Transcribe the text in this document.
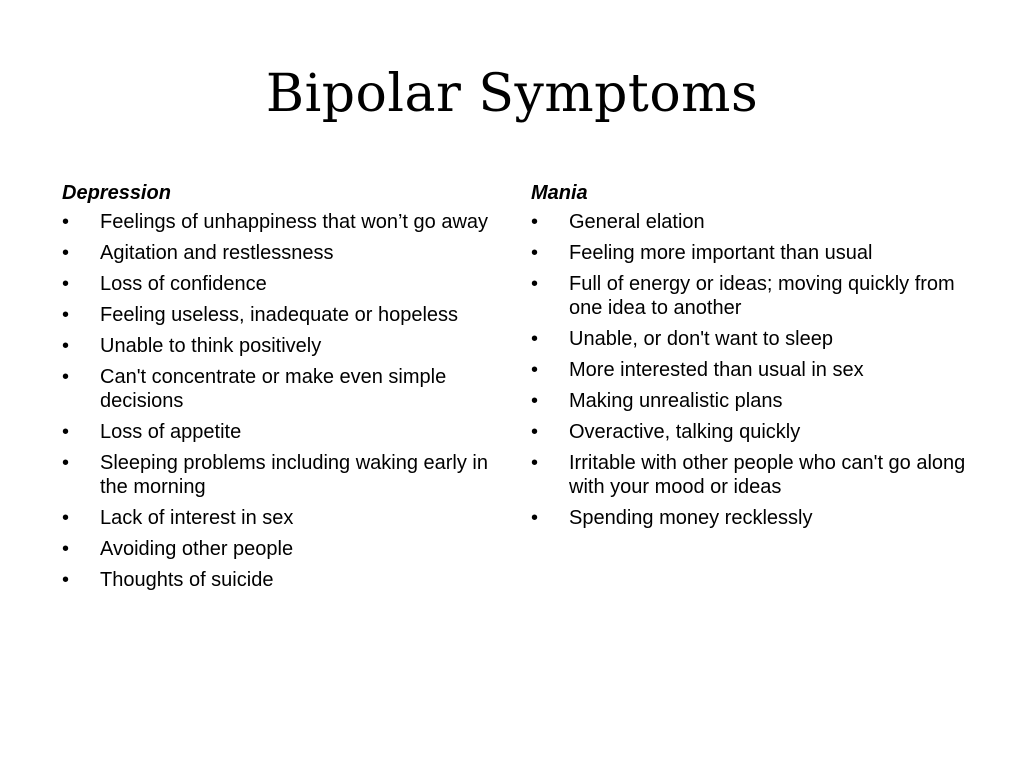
Bipolar Symptoms
Depression
•	Feelings of unhappiness that won’t go away
•	Agitation and restlessness
•	Loss of confidence
•	Feeling useless, inadequate or hopeless
•	Unable to think positively
•	Can't concentrate or make even simple decisions
•	Loss of appetite
•	Sleeping problems including waking early in the morning
•	Lack of interest in sex
•	Avoiding other people
•	Thoughts of suicide
Mania
•	General elation
•	Feeling more important than usual
•	Full of energy or ideas; moving quickly from one idea to another
•	Unable, or don't want to sleep
•	More interested than usual in sex
•	Making unrealistic plans
•	Overactive, talking quickly
•	Irritable with other people who can't go along with your mood or ideas
•	Spending money recklessly
